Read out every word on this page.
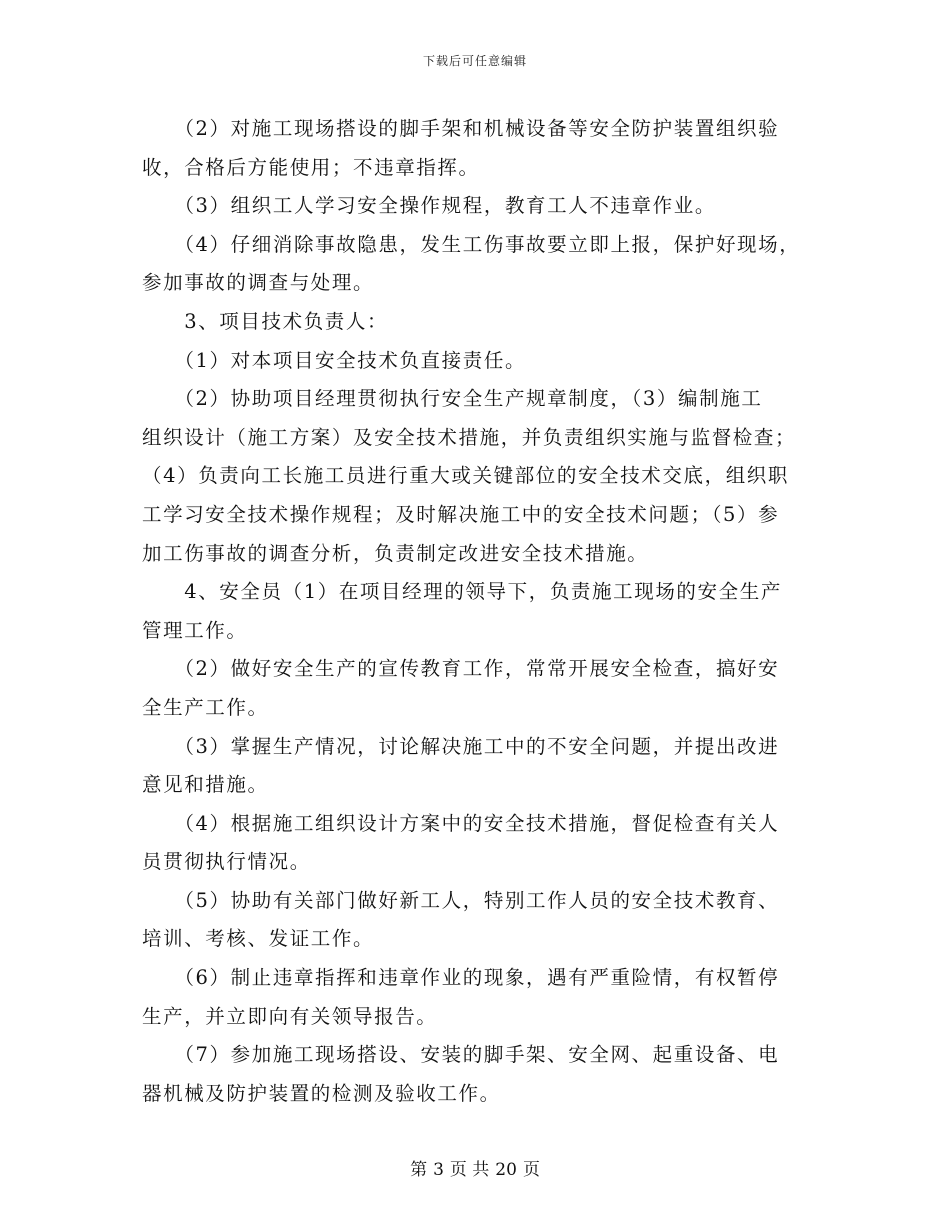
下载后可任意编辑
　　（2）对施工现场搭设的脚手架和机械设备等安全防护装置组织验
收，合格后方能使用；不违章指挥。
　　（3）组织工人学习安全操作规程，教育工人不违章作业。
　　（4）仔细消除事故隐患，发生工伤事故要立即上报，保护好现场，
参加事故的调查与处理。
　　3、项目技术负责人：
　　（1）对本项目安全技术负直接责任。
　　（2）协助项目经理贯彻执行安全生产规章制度，（3）编制施工
组织设计（施工方案）及安全技术措施，并负责组织实施与监督检查；
（4）负责向工长施工员进行重大或关键部位的安全技术交底，组织职
工学习安全技术操作规程；及时解决施工中的安全技术问题；（5）参
加工伤事故的调查分析，负责制定改进安全技术措施。
　　4、安全员（1）在项目经理的领导下，负责施工现场的安全生产
管理工作。
　　（2）做好安全生产的宣传教育工作，常常开展安全检查，搞好安
全生产工作。
　　（3）掌握生产情况，讨论解决施工中的不安全问题，并提出改进
意见和措施。
　　（4）根据施工组织设计方案中的安全技术措施，督促检查有关人
员贯彻执行情况。
　　（5）协助有关部门做好新工人，特别工作人员的安全技术教育、
培训、考核、发证工作。
　　（6）制止违章指挥和违章作业的现象，遇有严重险情，有权暂停
生产，并立即向有关领导报告。
　　（7）参加施工现场搭设、安装的脚手架、安全网、起重设备、电
器机械及防护装置的检测及验收工作。
第 3 页 共 20 页
